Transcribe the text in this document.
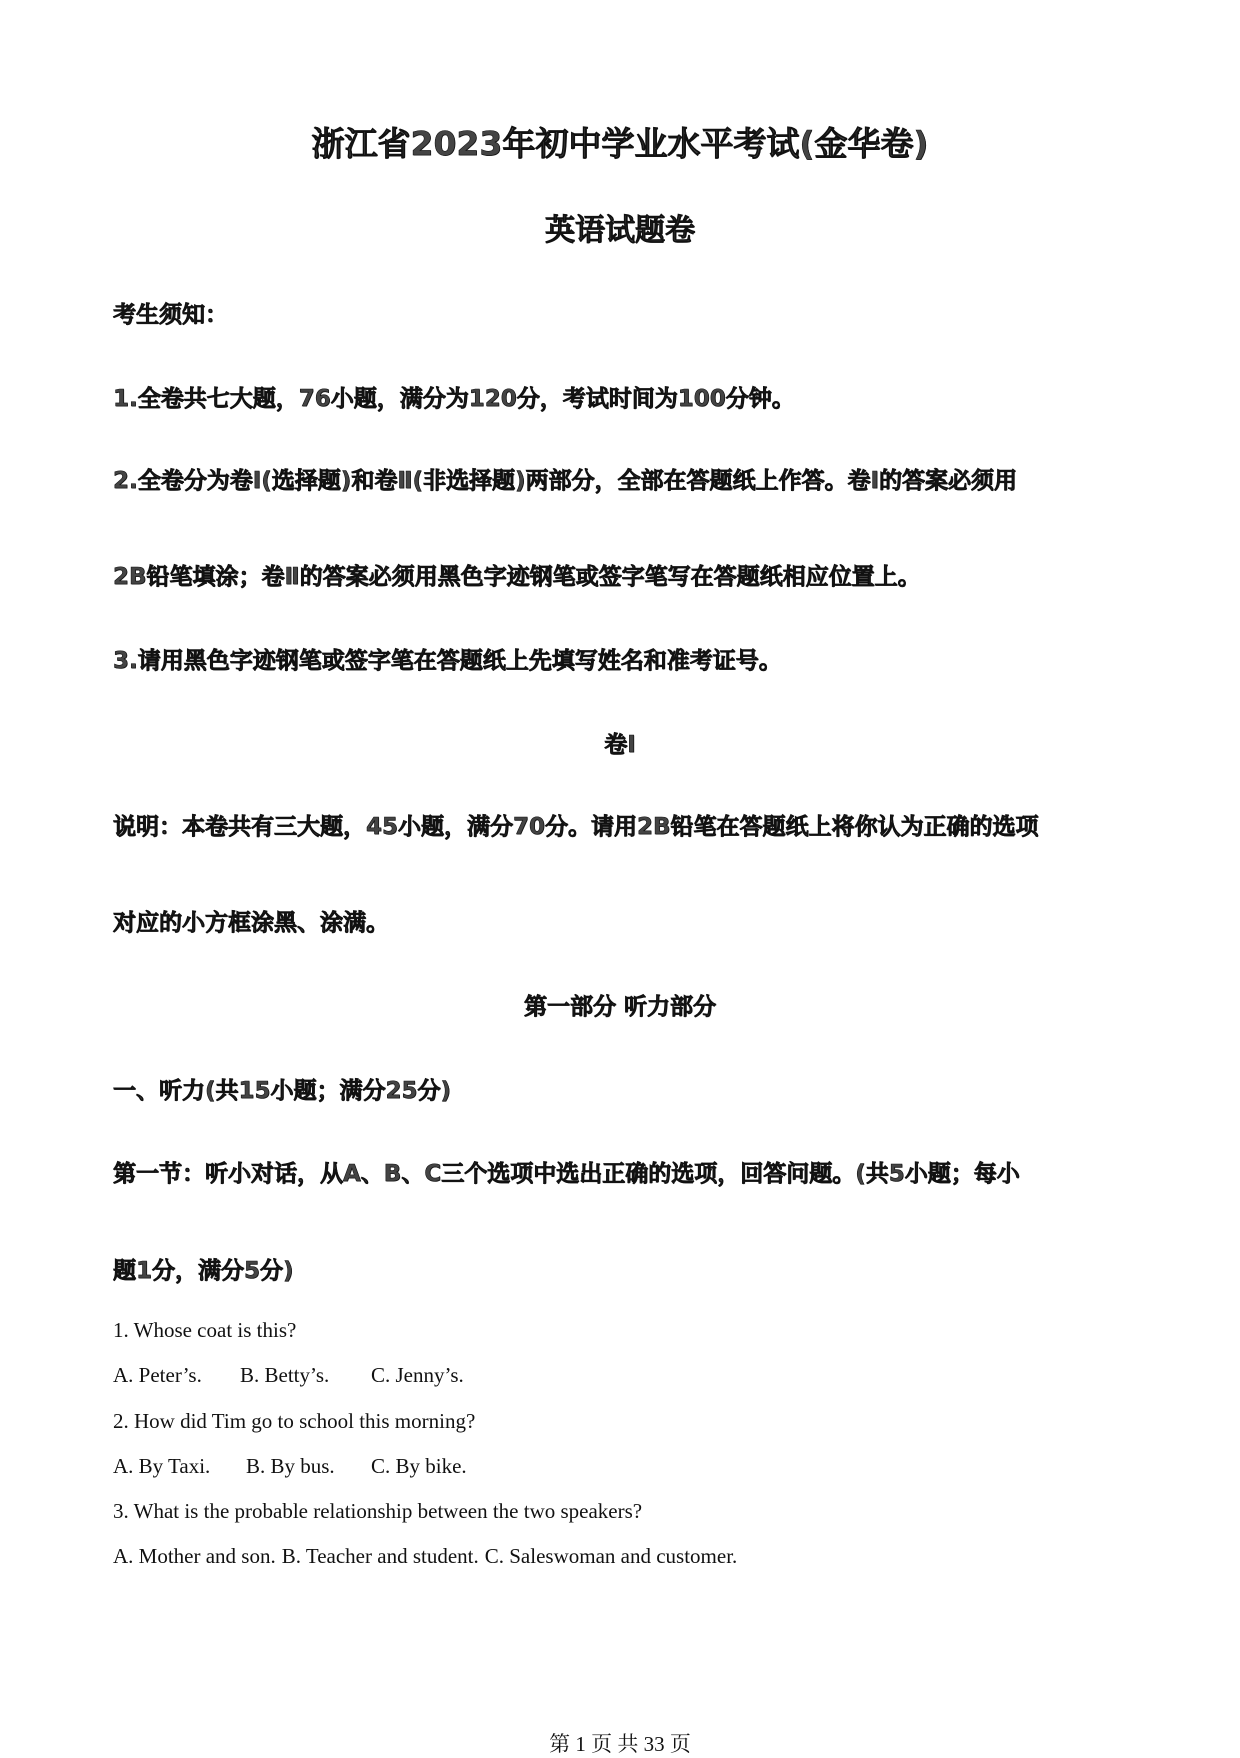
浙江省2023年初中学业水平考试(金华卷)
英语试题卷
考生须知：
1.全卷共七大题，76小题，满分为120分，考试时间为100分钟。
2.全卷分为卷Ⅰ(选择题)和卷Ⅱ(非选择题)两部分，全部在答题纸上作答。卷Ⅰ的答案必须用
2B铅笔填涂；卷Ⅱ的答案必须用黑色字迹钢笔或签字笔写在答题纸相应位置上。
3.请用黑色字迹钢笔或签字笔在答题纸上先填写姓名和准考证号。
卷Ⅰ
说明：本卷共有三大题，45小题，满分70分。请用2B铅笔在答题纸上将你认为正确的选项
对应的小方框涂黑、涂满。
第一部分 听力部分
一、听力(共15小题；满分25分)
第一节：听小对话，从A、B、C三个选项中选出正确的选项，回答问题。(共5小题；每小
题1分，满分5分)
1. Whose coat is this?
A. Peter’s. B. Betty’s. C. Jenny’s.
2. How did Tim go to school this morning?
A. By Taxi. B. By bus. C. By bike.
3. What is the probable relationship between the two speakers?
A. Mother and son. B. Teacher and student. C. Saleswoman and customer.
第 1 页 共 33 页
